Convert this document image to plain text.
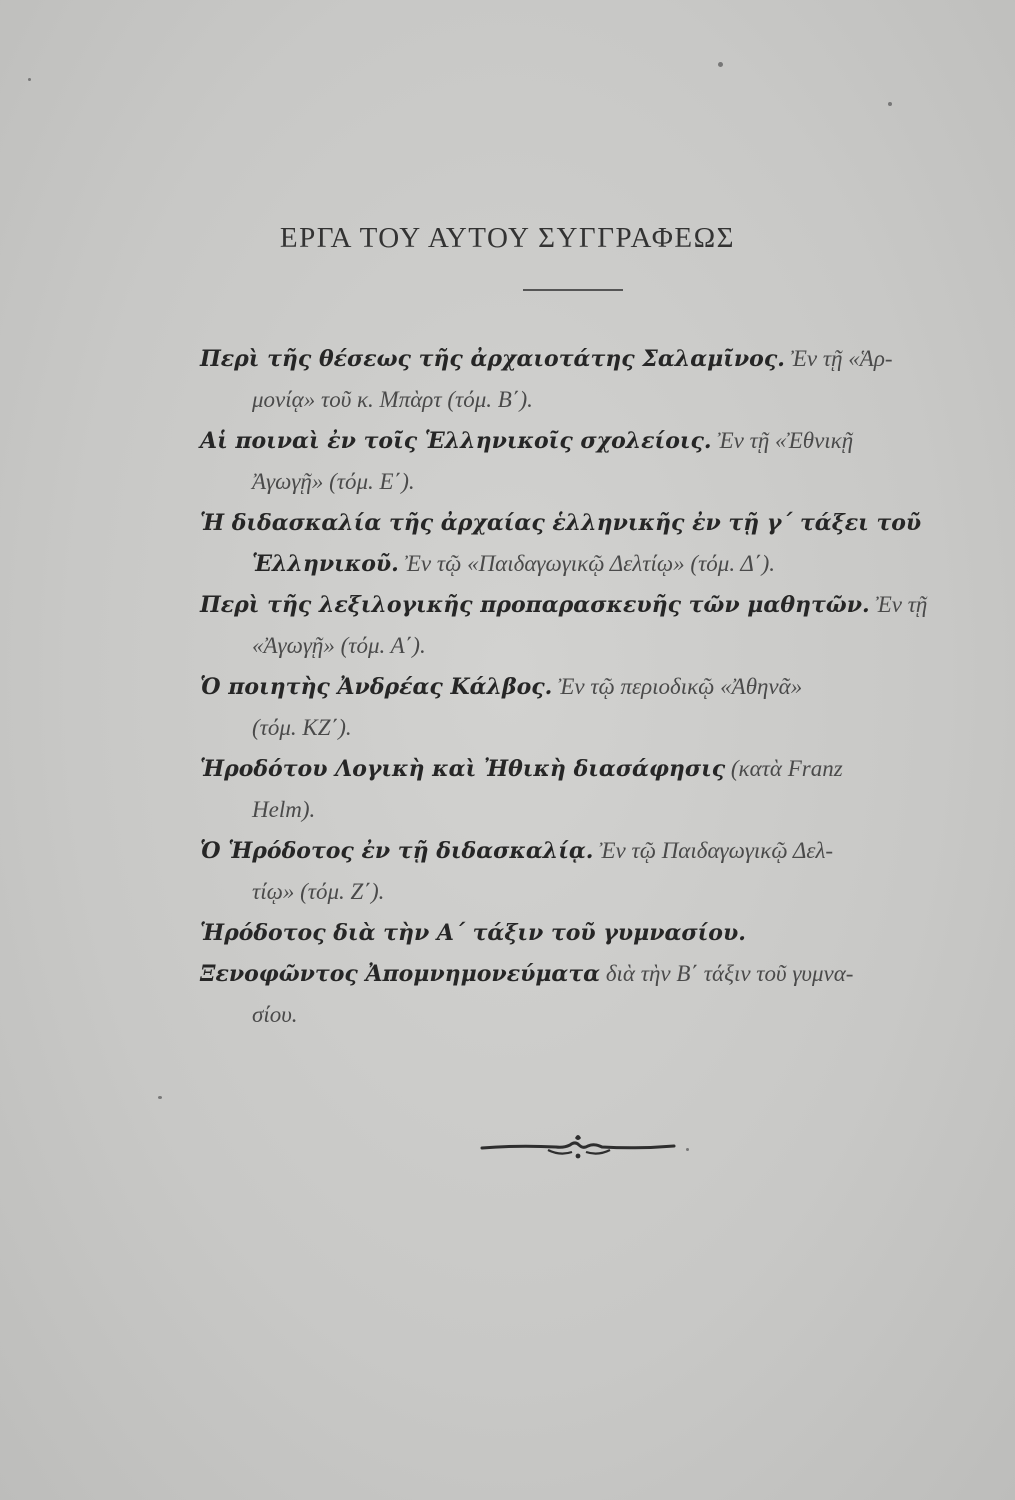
ΕΡΓΑ ΤΟΥ ΑΥΤΟΥ ΣΥΓΓΡΑΦΕΩΣ
Περὶ τῆς θέσεως τῆς ἀρχαιοτάτης Σαλαμῖνος. Ἐν τῇ «Ἁρ-
μονίᾳ» τοῦ κ. Μπὰρτ (τόμ. Β΄).
Αἱ ποιναὶ ἐν τοῖς Ἑλληνικοῖς σχολείοις. Ἐν τῇ «Ἐθνικῇ
Ἀγωγῇ» (τόμ. Ε΄).
Ἡ διδασκαλία τῆς ἀρχαίας ἑλληνικῆς ἐν τῇ γ΄ τάξει τοῦ
Ἑλληνικοῦ. Ἐν τῷ «Παιδαγωγικῷ Δελτίῳ» (τόμ. Δ΄).
Περὶ τῆς λεξιλογικῆς προπαρασκευῆς τῶν μαθητῶν. Ἐν τῇ
«Ἀγωγῇ» (τόμ. Α΄).
Ὁ ποιητὴς Ἀνδρέας Κάλβος. Ἐν τῷ περιοδικῷ «Ἀθηνᾶ»
(τόμ. ΚΖ΄).
Ἡροδότου Λογικὴ καὶ Ἠθικὴ διασάφησις (κατὰ Franz
Helm).
Ὁ Ἡρόδοτος ἐν τῇ διδασκαλίᾳ. Ἐν τῷ Παιδαγωγικῷ Δελ-
τίῳ» (τόμ. Ζ΄).
Ἡρόδοτος διὰ τὴν Α΄ τάξιν τοῦ γυμνασίου.
Ξενοφῶντος Ἀπομνημονεύματα διὰ τὴν Β΄ τάξιν τοῦ γυμνα-
σίου.
